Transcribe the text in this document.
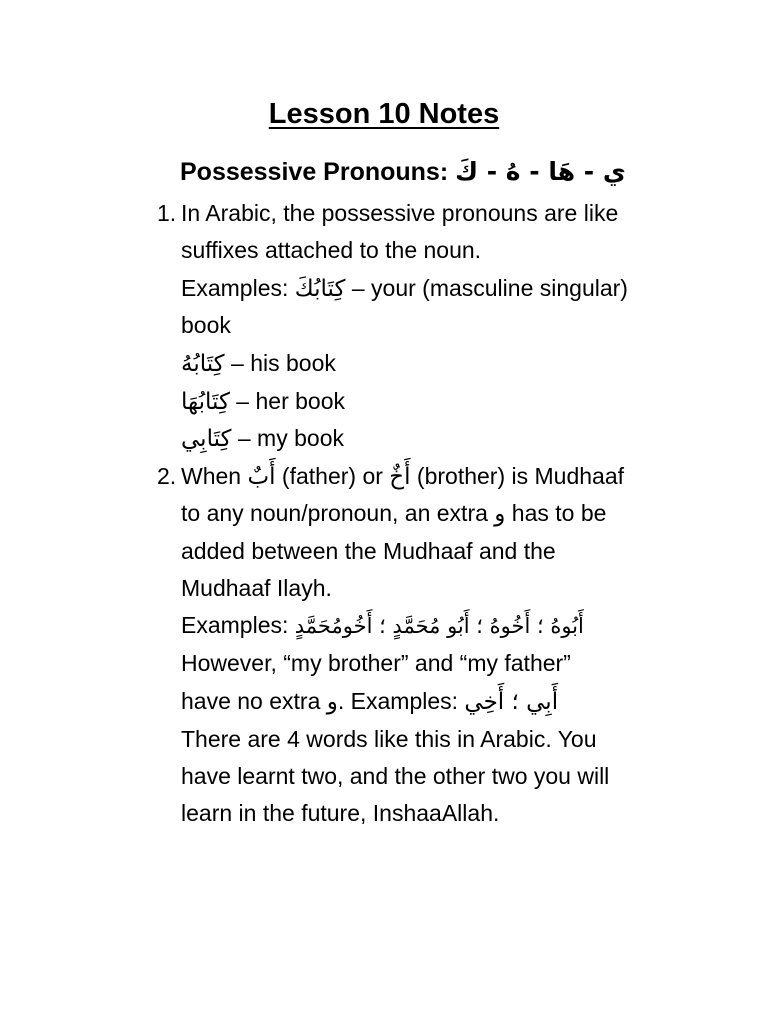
Lesson 10 Notes
Possessive Pronouns: ي - هَا - هُ - كَ
1. In Arabic, the possessive pronouns are like
suffixes attached to the noun.
Examples: كِتَابُكَ – your (masculine singular)
book
كِتَابُهُ – his book
كِتَابُهَا – her book
كِتَابِي – my book
2. When أَبٌ (father) or أَخٌ (brother) is Mudhaaf
to any noun/pronoun, an extra و has to be
added between the Mudhaaf and the
Mudhaaf Ilayh.
Examples: أَبُوهُ ؛ أَخُوهُ ؛ أَبُو مُحَمَّدٍ ؛ أَخُومُحَمَّدٍ
However, “my brother” and “my father”
have no extra و. Examples: أَبِي ؛ أَخِي
There are 4 words like this in Arabic. You
have learnt two, and the other two you will
learn in the future, InshaaAllah.
